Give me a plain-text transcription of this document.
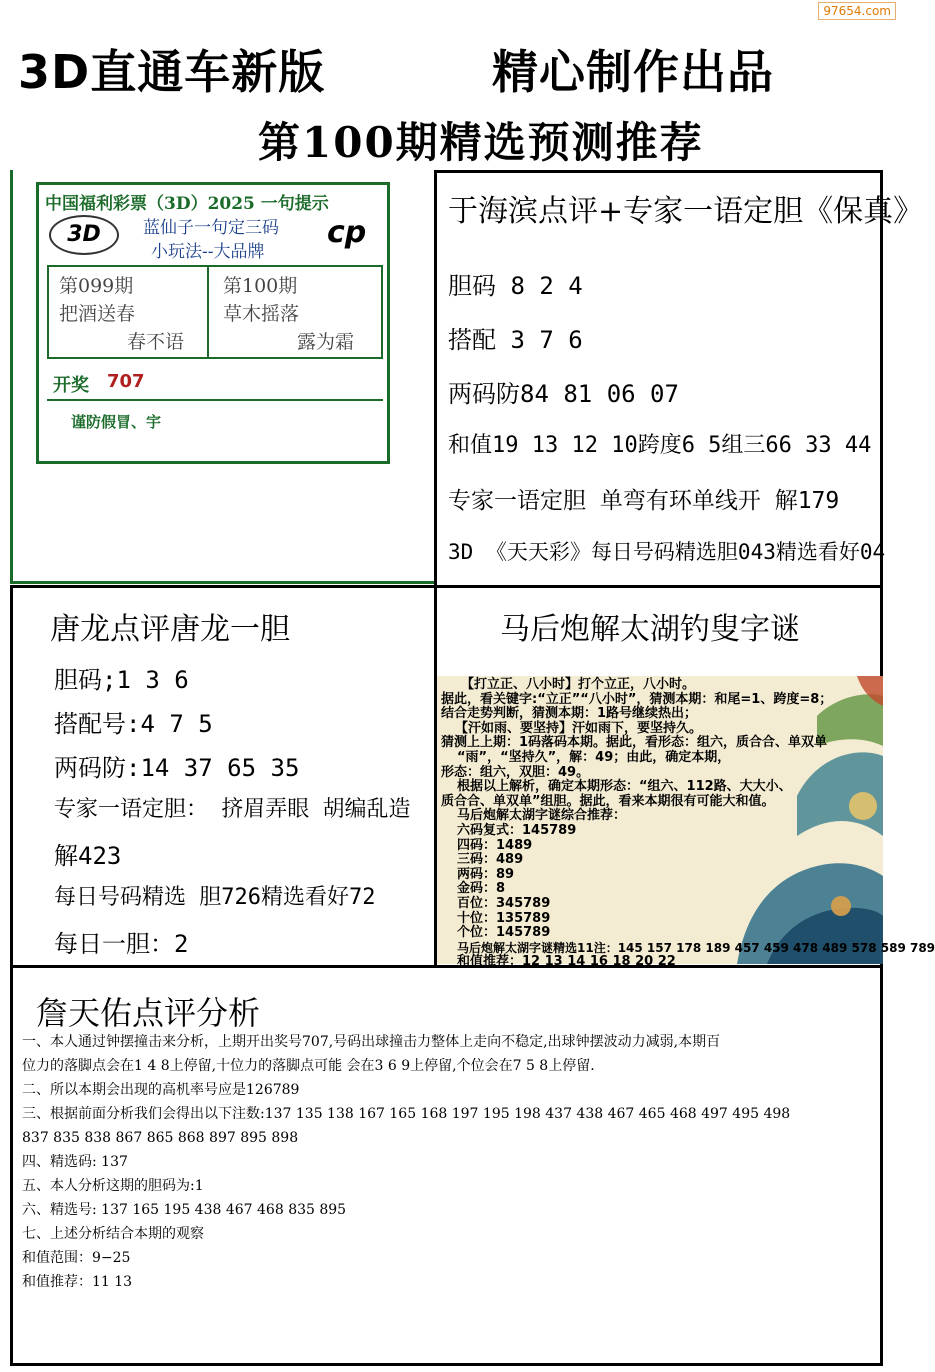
97654.com
3D直通车新版	精心制作出品
第100期精选预测推荐
中国福利彩票（3D）2025 一句提示
3D	蓝仙子一句定三码
小玩法--大品牌
cp
第099期
把酒送春
春不语
第100期
草木摇落
露为霜
开奖 707
谨防假冒、宇
于海滨点评+专家一语定胆《保真》
胆码 8 2 4
搭配 3 7 6
两码防84 81 06 07
和值19 13 12 10跨度6 5组三66 33 44
专家一语定胆 单弯有环单线开 解179
3D 《天天彩》每日号码精选胆043精选看好04
唐龙点评唐龙一胆
胆码;1 3 6
搭配号:4 7 5
两码防:14 37 65 35
专家一语定胆： 挤眉弄眼 胡编乱造
解423
每日号码精选 胆726精选看好72
每日一胆：2
马后炮解太湖钓叟字谜
【打立正、八小时】打个立正，八小时。
据此，看关键字:“立正”“八小时”，猜测本期：和尾=1、跨度=8；
结合走势判断，猜测本期：1路号继续热出；
【汗如雨、要坚持】汗如雨下，要坚持久。
猜测上上期：1码落码本期。据此，看形态：组六，质合合、单双单
“雨”，“坚持久”，解：49；由此，确定本期，
形态：组六，双胆：49。
根据以上解析，确定本期形态：“组六、112路、大大小、
质合合、单双单”组胆。据此，看来本期很有可能大和值。
马后炮解太湖字谜综合推荐：
六码复式：145789
四码：1489
三码：489
两码：89
金码：8
百位：345789
十位：135789
个位：145789
马后炮解太湖字谜精选11注：145 157 178 189 457 459 478 489 578 589 789
和值推荐：12 13 14 16 18 20 22
詹天佑点评分析
一、本人通过钟摆撞击来分析，上期开出奖号707,号码出球撞击力整体上走向不稳定,出球钟摆波动力减弱,本期百
位力的落脚点会在1 4 8上停留,十位力的落脚点可能 会在3 6 9上停留,个位会在7 5 8上停留.
二、所以本期会出现的高机率号应是126789
三、根据前面分析我们会得出以下注数:137 135 138 167 165 168 197 195 198 437 438 467 465 468 497 495 498
837 835 838 867 865 868 897 895 898
四、精选码: 137
五、本人分析这期的胆码为:1
六、精选号: 137 165 195 438 467 468 835 895
七、上述分析结合本期的观察
和值范围：9−25
和值推荐：11 13
